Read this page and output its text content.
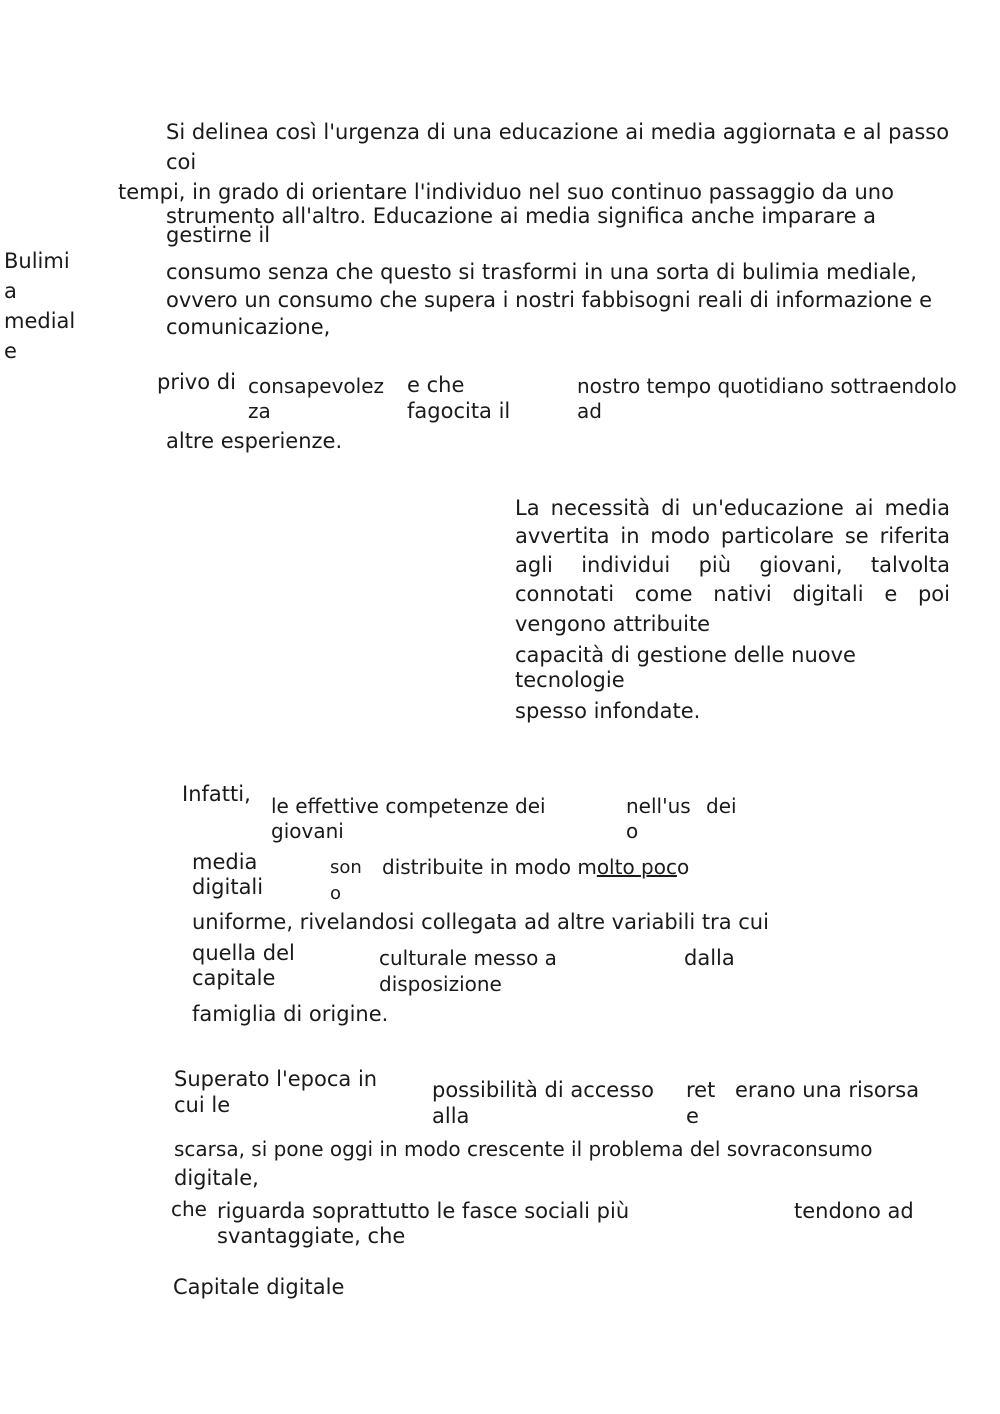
Bulimi

a

medial

e

Si delinea così l'urgenza di una educazione ai media aggiornata e al passo

coi

tempi, in grado di orientare l'individuo nel suo continuo passaggio da uno

strumento all'altro. Educazione ai media significa anche imparare a

gestirne il

consumo senza che questo si trasformi in una sorta di bulimia mediale,

ovvero un consumo che supera i nostri fabbisogni reali di informazione e

comunicazione,

privo di consapevolez

za

e che

fagocita il

nostro tempo quotidiano sottraendolo

ad

altre esperienze.

La necessità di un'educazione ai media

avvertita in modo particolare se riferita

agli individui più giovani, talvolta

connotati come nativi digitali e poi

vengono attribuite

capacità di gestione delle nuove

tecnologie

spesso infondate.

Infatti, le effettive competenze dei

giovani

nell'us

o

dei

media

digitali

son

o

distribuite in modo molto poco

uniforme, rivelandosi collegata ad altre variabili tra cui

quella del

capitale

culturale messo a

disposizione

dalla

famiglia di origine.

Superato l'epoca in

cui le

possibilità di accesso

alla

ret

e

erano una risorsa

scarsa, si pone oggi in modo crescente il problema del sovraconsumo

digitale,

che riguarda soprattutto le fasce sociali più

svantaggiate, che

tendono ad

Capitale digitale
